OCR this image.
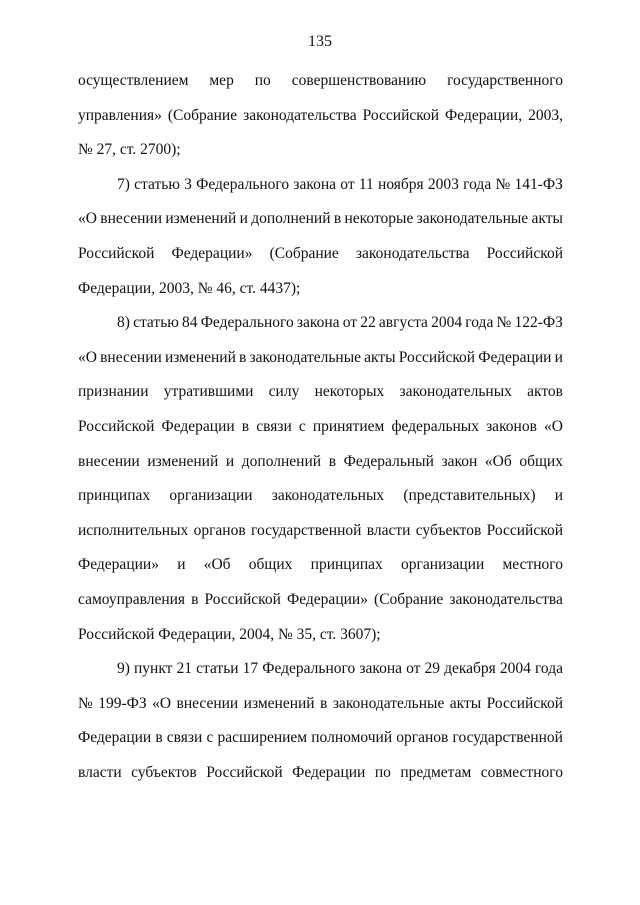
135
осуществлением мер по совершенствованию государственного
управления» (Собрание законодательства Российской Федерации, 2003,
№ 27, ст. 2700);
7) статью 3 Федерального закона от 11 ноября 2003 года № 141-ФЗ
«О внесении изменений и дополнений в некоторые законодательные акты
Российской Федерации» (Собрание законодательства Российской
Федерации, 2003, № 46, ст. 4437);
8) статью 84 Федерального закона от 22 августа 2004 года № 122-ФЗ
«О внесении изменений в законодательные акты Российской Федерации и
признании утратившими силу некоторых законодательных актов
Российской Федерации в связи с принятием федеральных законов «О
внесении изменений и дополнений в Федеральный закон «Об общих
принципах организации законодательных (представительных) и
исполнительных органов государственной власти субъектов Российской
Федерации» и «Об общих принципах организации местного
самоуправления в Российской Федерации» (Собрание законодательства
Российской Федерации, 2004, № 35, ст. 3607);
9) пункт 21 статьи 17 Федерального закона от 29 декабря 2004 года
№ 199-ФЗ «О внесении изменений в законодательные акты Российской
Федерации в связи с расширением полномочий органов государственной
власти субъектов Российской Федерации по предметам совместного
